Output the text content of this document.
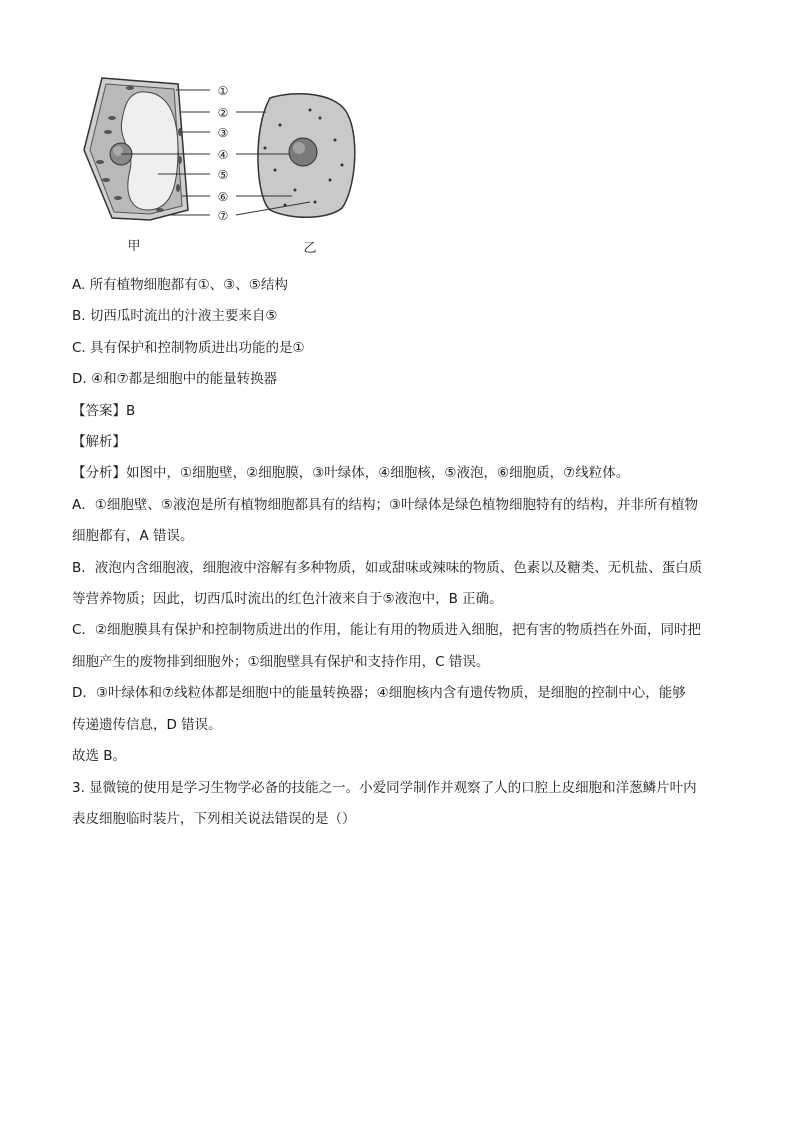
①
②
③
④
⑤
⑥
⑦
甲	乙

A. 所有植物细胞都有①、③、⑤结构

B. 切西瓜时流出的汁液主要来自⑤

C. 具有保护和控制物质进出功能的是①

D. ④和⑦都是细胞中的能量转换器

【答案】B

【解析】

【分析】如图中，①细胞壁，②细胞膜，③叶绿体，④细胞核，⑤液泡，⑥细胞质，⑦线粒体。

A．①细胞壁、⑤液泡是所有植物细胞都具有的结构；③叶绿体是绿色植物细胞特有的结构，并非所有植物

细胞都有，A 错误。

B．液泡内含细胞液，细胞液中溶解有多种物质，如或甜味或辣味的物质、色素以及糖类、无机盐、蛋白质

等营养物质；因此，切西瓜时流出的红色汁液来自于⑤液泡中，B 正确。

C．②细胞膜具有保护和控制物质进出的作用，能让有用的物质进入细胞，把有害的物质挡在外面，同时把

细胞产生的废物排到细胞外；①细胞壁具有保护和支持作用，C 错误。

D．③叶绿体和⑦线粒体都是细胞中的能量转换器；④细胞核内含有遗传物质，是细胞的控制中心，能够

传递遗传信息，D 错误。

故选 B。

3. 显微镜的使用是学习生物学必备的技能之一。小爱同学制作并观察了人的口腔上皮细胞和洋葱鳞片叶内

表皮细胞临时装片，下列相关说法错误的是（）
